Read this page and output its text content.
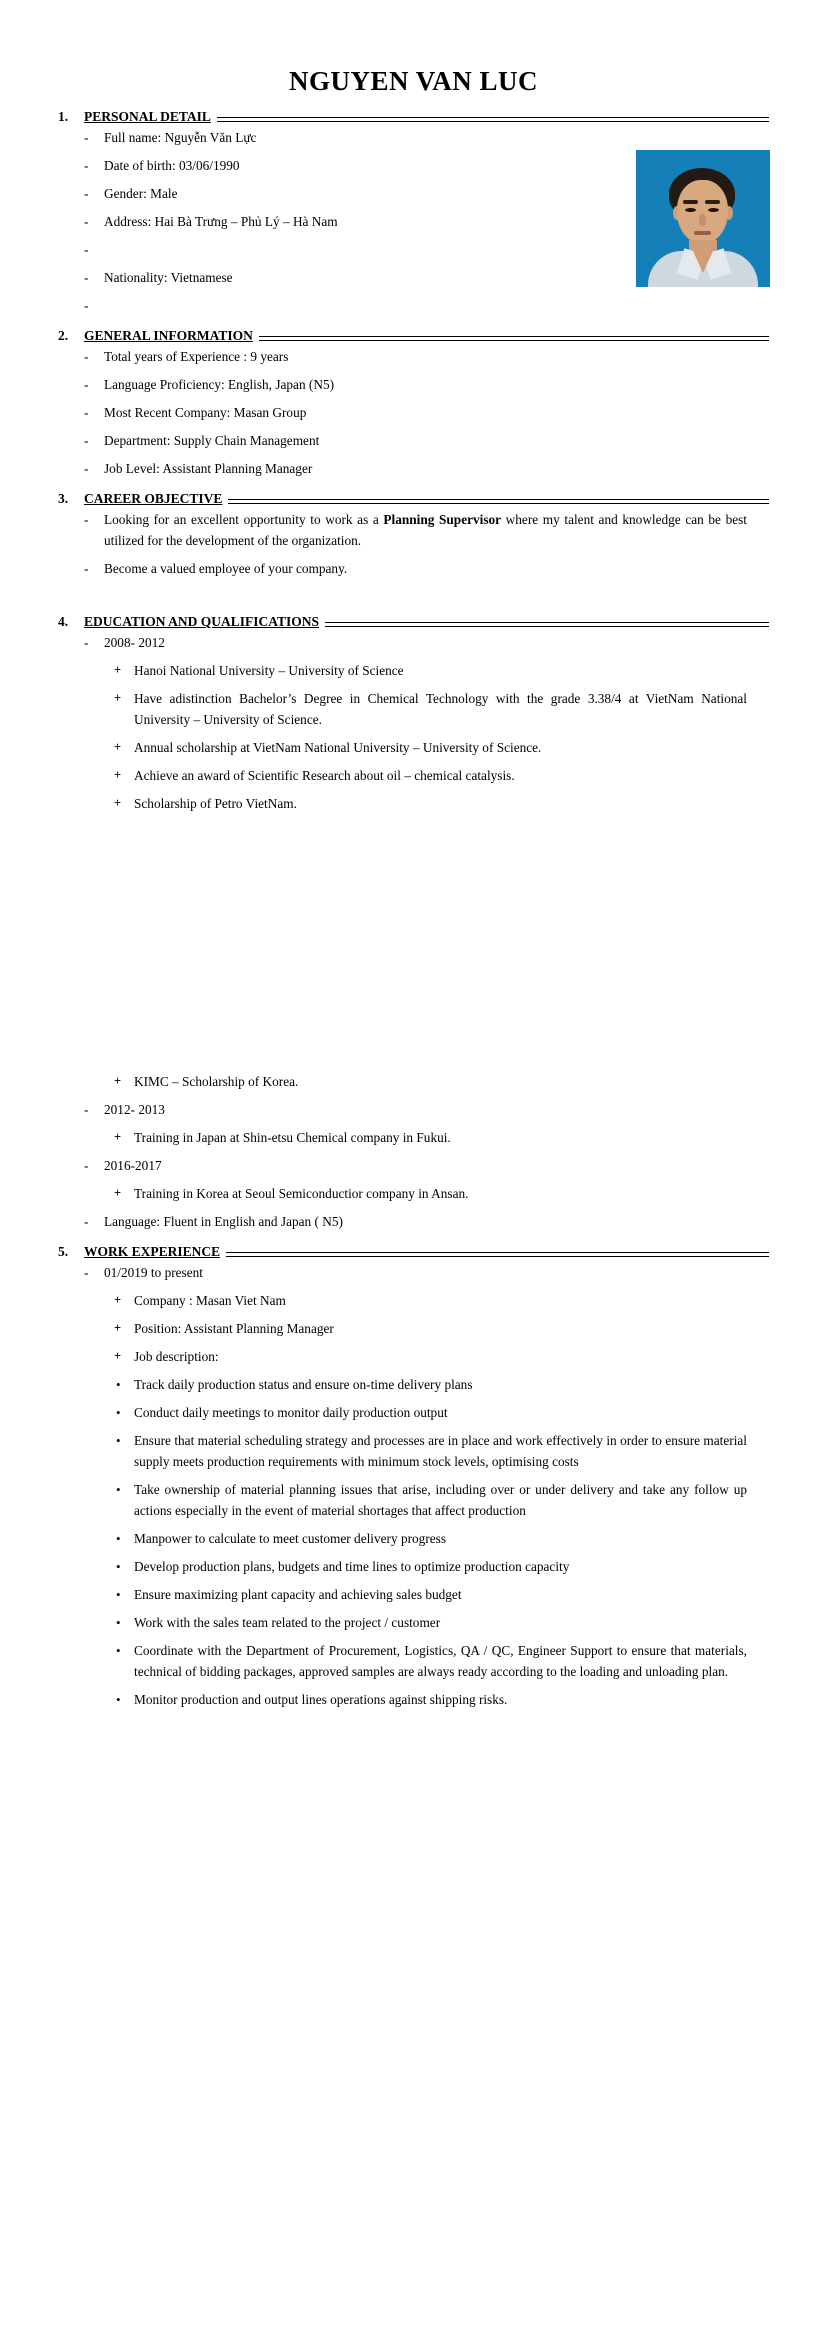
NGUYEN VAN LUC
1.	PERSONAL DETAIL
- Full name: Nguyễn Văn Lực
- Date of birth: 03/06/1990
- Gender: Male
- Address: Hai Bà Trưng – Phủ Lý – Hà Nam
-
- Nationality: Vietnamese
-
2.	GENERAL INFORMATION
- Total years of Experience : 9 years
- Language Proficiency: English, Japan (N5)
- Most Recent Company: Masan Group
- Department: Supply Chain Management
- Job Level: Assistant Planning Manager
3.	CAREER OBJECTIVE
- Looking for an excellent opportunity to work as a Planning Supervisor where my talent and knowledge can be best utilized for the development of the organization.
- Become a valued employee of your company.
4.	EDUCATION AND QUALIFICATIONS
- 2008- 2012
+ Hanoi National University – University of Science
+ Have adistinction Bachelor’s Degree in Chemical Technology with the grade 3.38/4 at VietNam National University – University of Science.
+ Annual scholarship at VietNam National University – University of Science.
+ Achieve an award of Scientific Research about oil – chemical catalysis.
+ Scholarship of Petro VietNam.
+ KIMC – Scholarship of Korea.
- 2012- 2013
+ Training in Japan at Shin-etsu Chemical company in Fukui.
- 2016-2017
+ Training in Korea at Seoul Semiconductior company in Ansan.
- Language: Fluent in English and Japan ( N5)
5.	WORK EXPERIENCE
- 01/2019 to present
+ Company : Masan Viet Nam
+ Position: Assistant Planning Manager
+ Job description:
• Track daily production status and ensure on-time delivery plans
• Conduct daily meetings to monitor daily production output
• Ensure that material scheduling strategy and processes are in place and work effectively in order to ensure material supply meets production requirements with minimum stock levels, optimising costs
• Take ownership of material planning issues that arise, including over or under delivery and take any follow up actions especially in the event of material shortages that affect production
• Manpower to calculate to meet customer delivery progress
• Develop production plans, budgets and time lines to optimize production capacity
• Ensure maximizing plant capacity and achieving sales budget
• Work with the sales team related to the project / customer
• Coordinate with the Department of Procurement, Logistics, QA / QC, Engineer Support to ensure that materials, technical of bidding packages, approved samples are always ready according to the loading and unloading plan.
• Monitor production and output lines operations against shipping risks.
